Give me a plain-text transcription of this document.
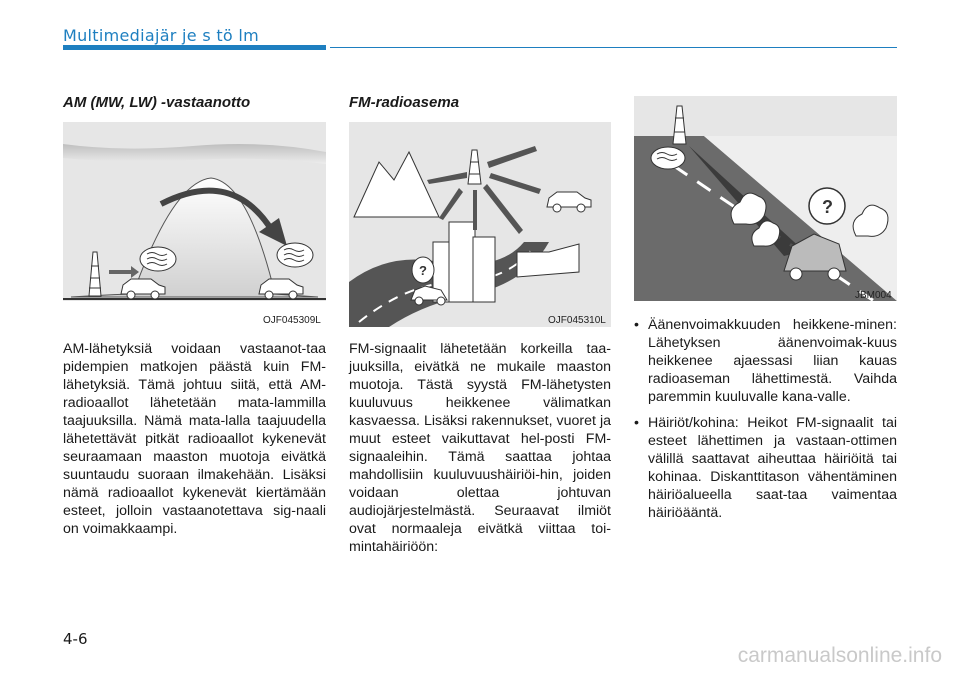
Multimediajär je s tö lm
AM (MW, LW) -vastaanotto
OJF045309L

AM-lähetyksiä voidaan vastaanot-taa pidempien matkojen päästä kuin FM-lähetyksiä. Tämä johtuu siitä, että AM-radioaallot lähetetään mata-lammilla taajuuksilla. Nämä mata-lalla taajuudella lähetettävät pitkät radioaallot kykenevät seuraamaan maaston muotoja eivätkä suuntaudu suoraan ilmakehään. Lisäksi nämä radioaallot kykenevät kiertämään esteet, jolloin vastaanotettava sig-naali on voimakkaampi.

FM-radioasema
?
OJF045310L

FM-signaalit lähetetään korkeilla taa-juuksilla, eivätkä ne mukaile maaston muotoja. Tästä syystä FM-lähetysten kuuluvuus heikkenee välimatkan kasvaessa. Lisäksi rakennukset, vuoret ja muut esteet vaikuttavat hel-posti FM-signaaleihin. Tämä saattaa johtaa mahdollisiin kuuluvuushäiriöi-hin, joiden voidaan olettaa johtuvan audiojärjestelmästä. Seuraavat ilmiöt ovat normaaleja eivätkä viittaa toi-mintahäiriöön:

?
JBM004
• Äänenvoimakkuuden heikkene-minen: Lähetyksen äänenvoimak-kuus heikkenee ajaessasi liian kauas radioaseman lähettimestä. Vaihda paremmin kuuluvalle kana-valle.
• Häiriöt/kohina: Heikot FM-signaalit tai esteet lähettimen ja vastaan-ottimen välillä saattavat aiheuttaa häiriöitä tai kohinaa. Diskanttitason vähentäminen häiriöalueella saat-taa vaimentaa häiriöääntä.
4-6
carmanualsonline.info
